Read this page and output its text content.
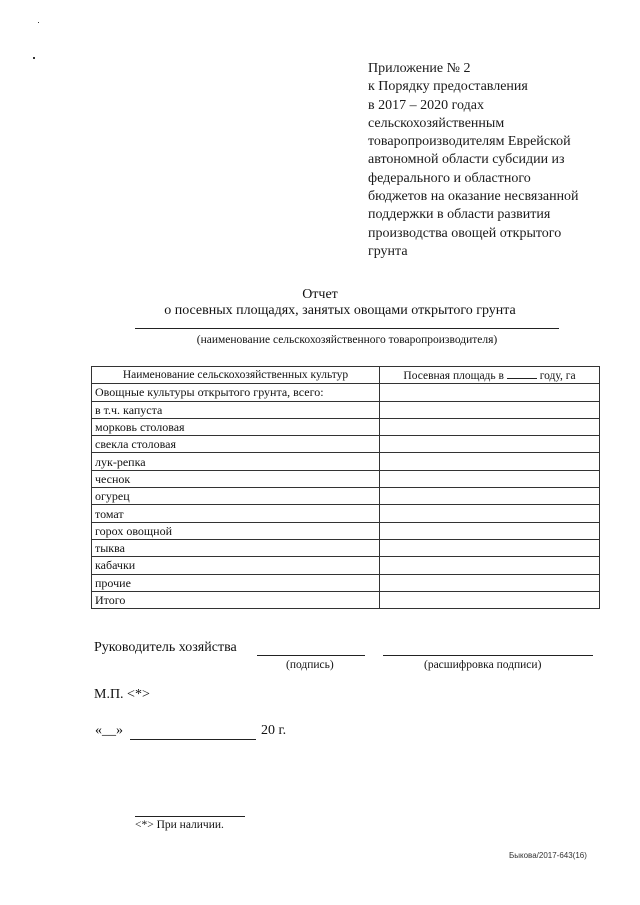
Приложение № 2
к Порядку предоставления
в 2017 – 2020 годах
сельскохозяйственным
товаропроизводителям Еврейской
автономной области субсидии из
федерального и областного
бюджетов на оказание несвязанной
поддержки в области развития
производства овощей открытого
грунта
Отчет
о посевных площадях, занятых овощами открытого грунта
(наименование сельскохозяйственного товаропроизводителя)
Наименование сельскохозяйственных культур	Посевная площадь в году, га
Овощные культуры открытого грунта, всего:	
в т.ч. капуста	
морковь столовая	
свекла столовая	
лук-репка	
чеснок	
огурец	
томат	
горох овощной	
тыква	
кабачки	
прочие	
Итого	
Руководитель хозяйства
(подпись)	(расшифровка подписи)
М.П. <*>
«__»	20 г.
<*> При наличии.
Быкова/2017-643(16)
